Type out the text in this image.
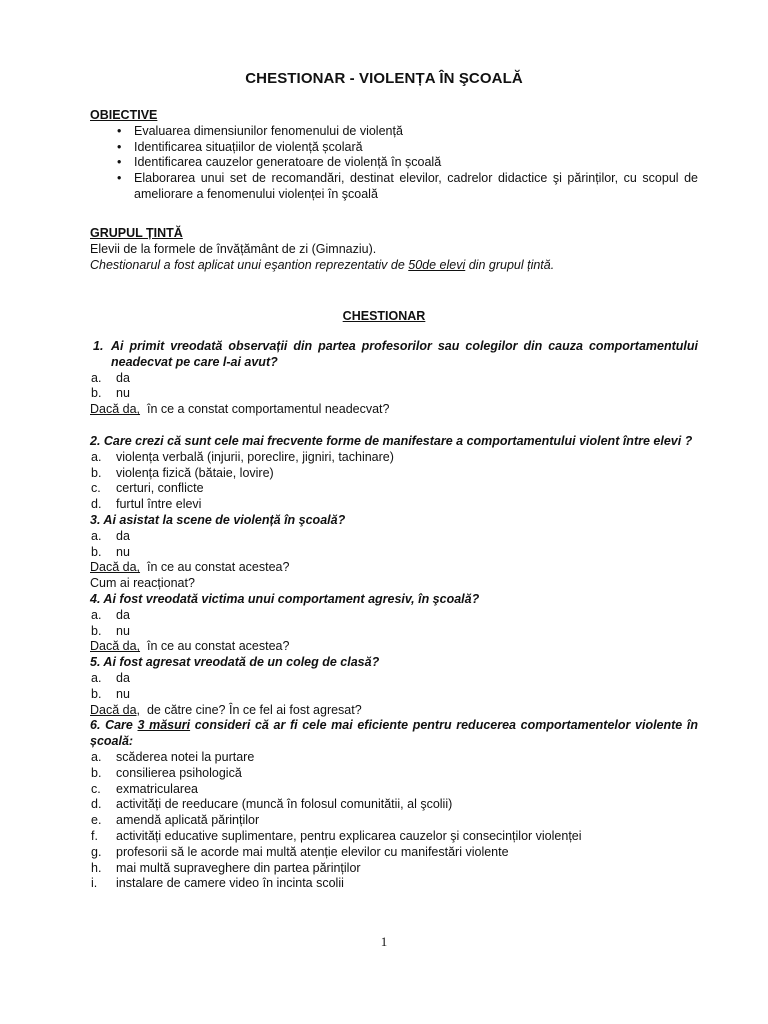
CHESTIONAR - VIOLENȚA ÎN ŞCOALĂ
OBIECTIVE
• Evaluarea dimensiunilor fenomenului de violență
• Identificarea situațiilor de violență școlară
• Identificarea cauzelor generatoare de violență în școală
• Elaborarea unui set de recomandări, destinat elevilor, cadrelor didactice şi părinților, cu scopul de ameliorare a fenomenului violenței în şcoală
GRUPUL ȚINTĂ
Elevii de la formele de învățământ de zi (Gimnaziu).
Chestionarul a fost aplicat unui eşantion reprezentativ de 50de elevi din grupul țintă.
CHESTIONAR
1. Ai primit vreodată observații din partea profesorilor sau colegilor din cauza comportamentului neadecvat pe care l-ai avut?
a. da
b. nu
Dacă da,  în ce a constat comportamentul neadecvat?
2. Care crezi că sunt cele mai frecvente forme de manifestare a comportamentului violent între elevi ?
a. violența verbală (injurii, poreclire, jigniri, tachinare)
b. violența fizică (bătaie, lovire)
c. certuri, conflicte
d. furtul între elevi
3. Ai asistat la scene de violență în şcoală?
a. da
b. nu
Dacă da,  în ce au constat acestea?
Cum ai reacționat?
4. Ai fost vreodată victima unui comportament agresiv, în şcoală?
a. da
b. nu
Dacă da,  în ce au constat acestea?
5. Ai fost agresat vreodată de un coleg de clasă?
a. da
b. nu
Dacă da,  de către cine? În ce fel ai fost agresat?
6. Care 3 măsuri consideri că ar fi cele mai eficiente pentru reducerea comportamentelor violente în școală:
a. scăderea notei la purtare
b. consilierea psihologică
c. exmatricularea
d. activități de reeducare (muncă în folosul comunitătii, al şcolii)
e. amendă aplicată părinților
f. activități educative suplimentare, pentru explicarea cauzelor şi consecinților violenței
g. profesorii să le acorde mai multă atenție elevilor cu manifestări violente
h. mai multă supraveghere din partea părinților
i. instalare de camere video în incinta scolii
1
